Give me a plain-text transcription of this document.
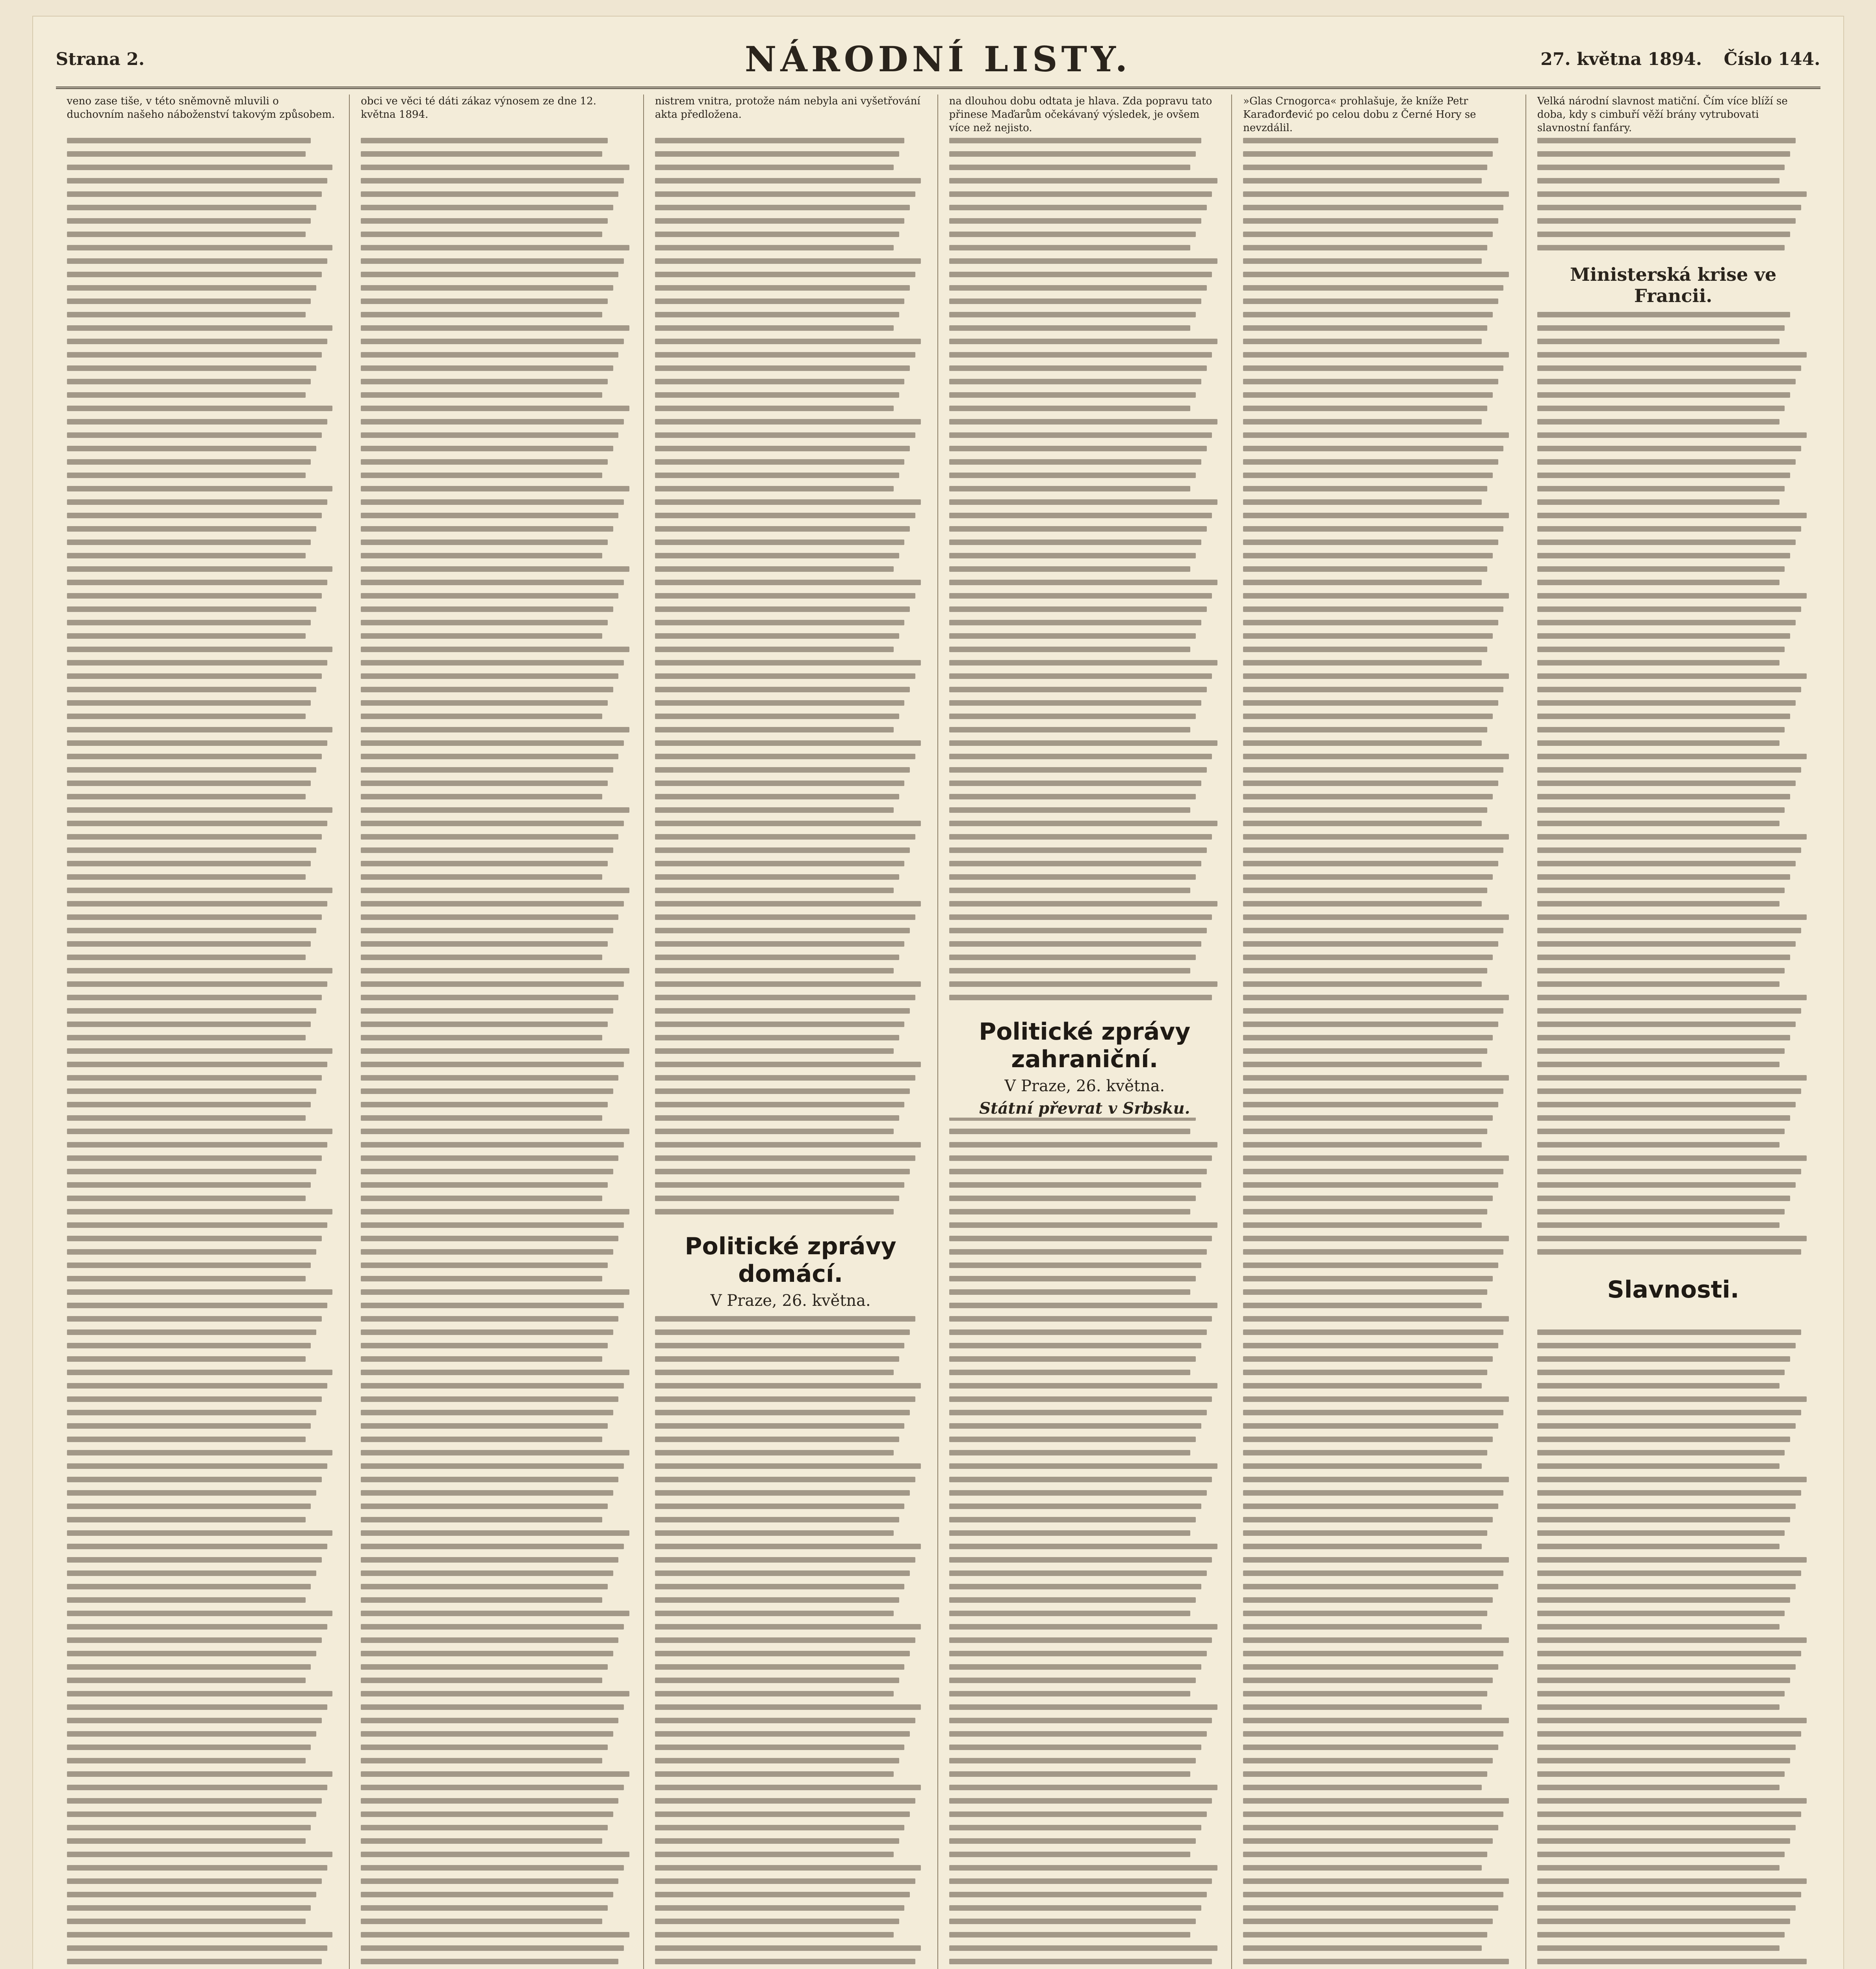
Strana 2.	NÁRODNÍ LISTY.	27. května 1894. Číslo 144.
veno zase tiše, v této sněmovně mluvili o duchovním našeho náboženství takovým způsobem.
obci ve věci té dáti zákaz výnosem ze dne 12. května 1894.
nistrem vnitra, protože nám nebyla ani vyšetřování akta předložena.
Politické zprávy domácí.
V Praze, 26. května.
na dlouhou dobu odtata je hlava. Zda popravu tato přinese Maďarům očekávaný výsledek, je ovšem více než nejisto.
Politické zprávy zahraniční.
V Praze, 26. května.
Státní převrat v Srbsku.
»Glas Crnogorca« prohlašuje, že kníže Petr Karađorđević po celou dobu z Černé Hory se nevzdálil.
Velká národní slavnost matiční. Čím více blíží se doba, kdy s cimbuří věží brány vytrubovati slavnostní fanfáry.
Ministerská krise ve Francii.
Slavnosti.
